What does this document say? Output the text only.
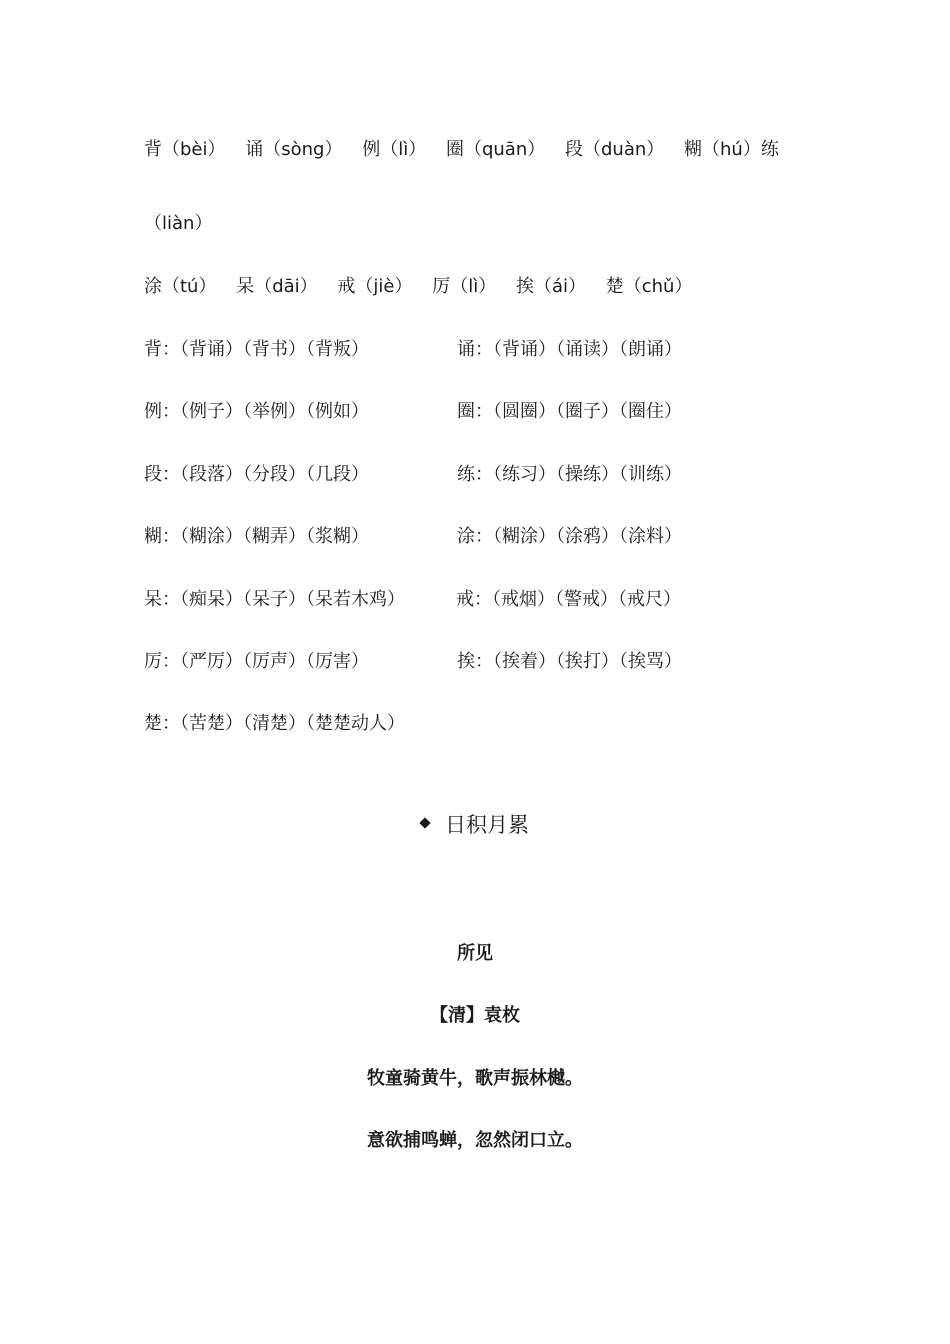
背（bèi） 诵（sòng） 例（lì） 圈（quān） 段（duàn） 糊（hú）练
（liàn）
涂（tú） 呆（dāi） 戒（jiè） 厉（lì） 挨（ái） 楚（chǔ）
背：（背诵）（背书）（背叛）	诵：（背诵）（诵读）（朗诵）
例：（例子）（举例）（例如）	圈：（圆圈）（圈子）（圈住）
段：（段落）（分段）（几段）	练：（练习）（操练）（训练）
糊：（糊涂）（糊弄）（浆糊）	涂：（糊涂）（涂鸦）（涂料）
呆：（痴呆）（呆子）（呆若木鸡）	戒：（戒烟）（警戒）（戒尺）
厉：（严厉）（厉声）（厉害）	挨：（挨着）（挨打）（挨骂）
楚：（苦楚）（清楚）（楚楚动人）
日积月累
所见
【清】袁枚
牧童骑黄牛，歌声振林樾。
意欲捕鸣蝉，忽然闭口立。
